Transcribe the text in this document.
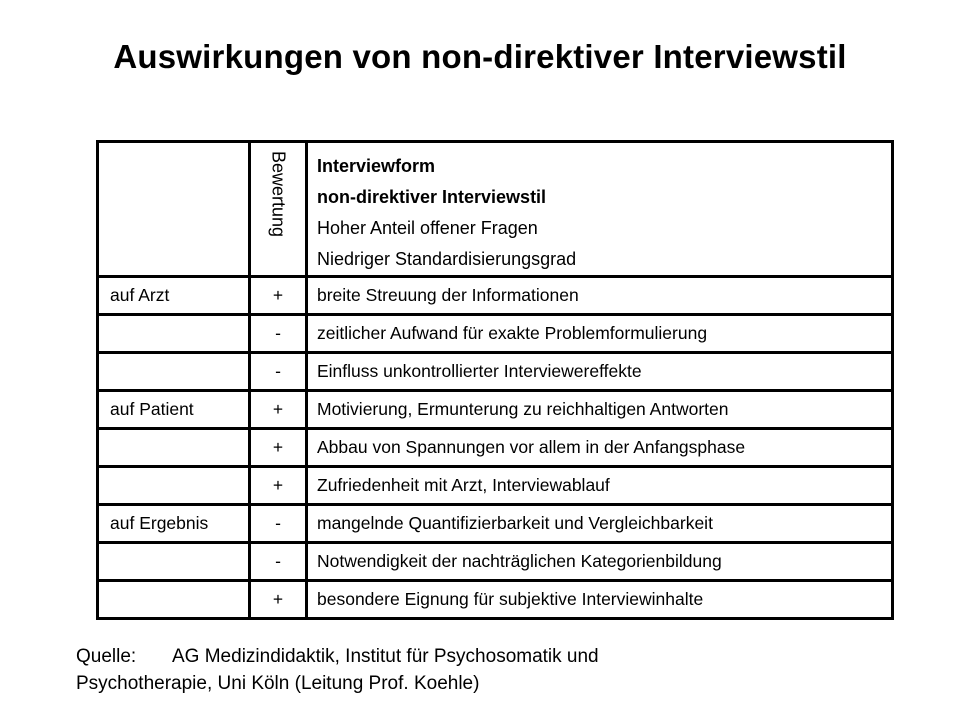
Auswirkungen von non-direktiver Interviewstil

	Bewertung	Interviewform
non-direktiver Interviewstil
Hoher Anteil offener Fragen
Niedriger Standardisierungsgrad

auf Arzt	+	breite Streuung der Informationen
	-	zeitlicher Aufwand für exakte Problemformulierung
	-	Einfluss unkontrollierter Interviewereffekte
auf Patient	+	Motivierung, Ermunterung zu reichhaltigen Antworten
	+	Abbau von Spannungen vor allem in der Anfangsphase
	+	Zufriedenheit mit Arzt, Interviewablauf
auf Ergebnis	-	mangelnde Quantifizierbarkeit und Vergleichbarkeit
	-	Notwendigkeit der nachträglichen Kategorienbildung
	+	besondere Eignung für subjektive Interviewinhalte
Quelle: AG Medizindidaktik, Institut für Psychosomatik und
Psychotherapie, Uni Köln (Leitung Prof. Koehle)
